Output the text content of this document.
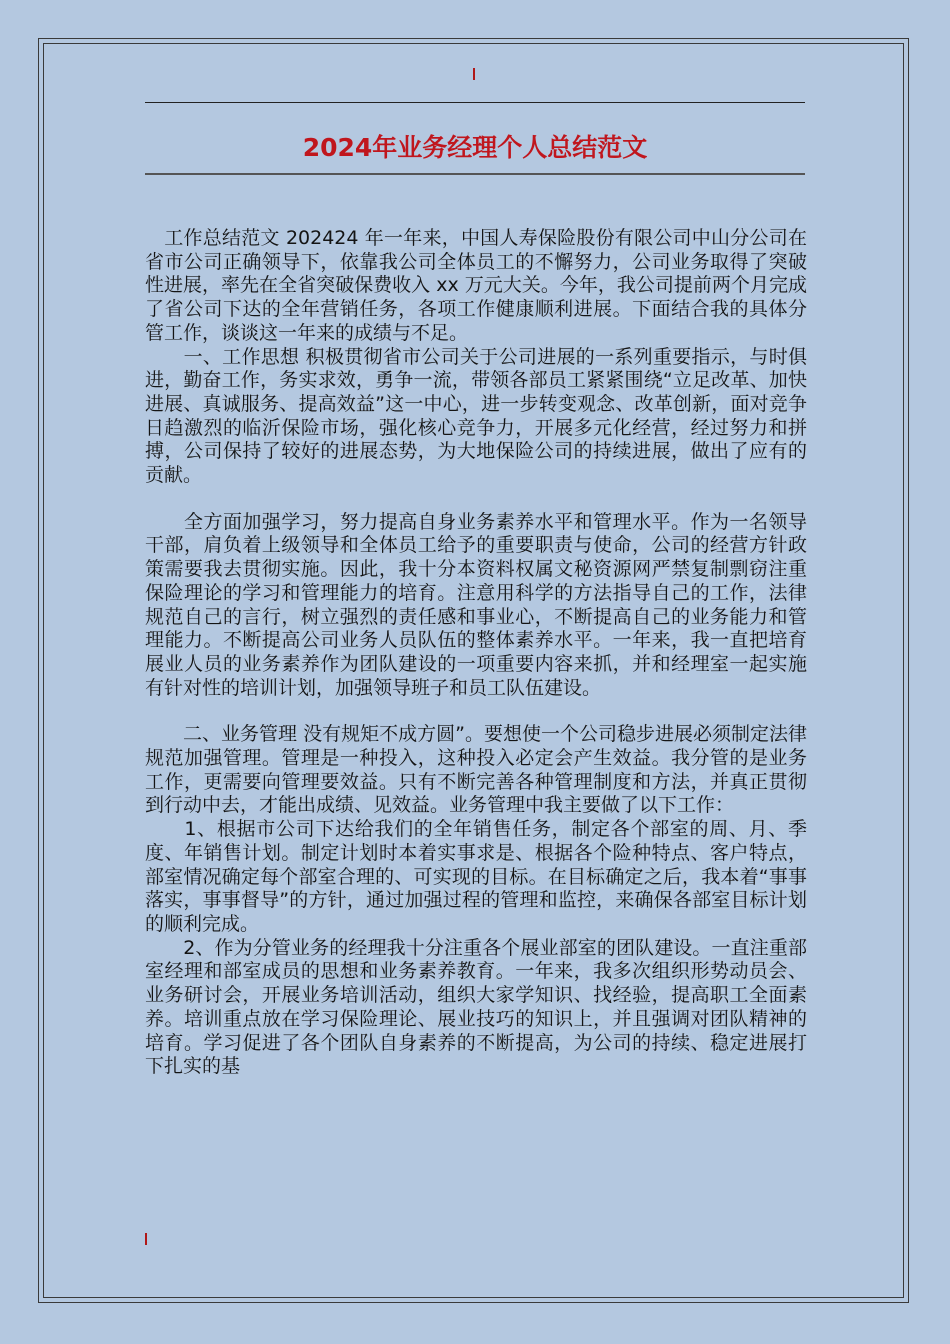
2024年业务经理个人总结范文

　工作总结范文 202424 年一年来，中国人寿保险股份有限公司中山分公司在省市公司正确领导下，依靠我公司全体员工的不懈努力，公司业务取得了突破性进展，率先在全省突破保费收入 xx 万元大关。今年，我公司提前两个月完成了省公司下达的全年营销任务，各项工作健康顺利进展。下面结合我的具体分管工作，谈谈这一年来的成绩与不足。

　　一、工作思想 积极贯彻省市公司关于公司进展的一系列重要指示，与时俱进，勤奋工作，务实求效，勇争一流，带领各部员工紧紧围绕“立足改革、加快进展、真诚服务、提高效益”这一中心，进一步转变观念、改革创新，面对竞争日趋激烈的临沂保险市场，强化核心竞争力，开展多元化经营，经过努力和拼搏，公司保持了较好的进展态势，为大地保险公司的持续进展，做出了应有的贡献。

　　全方面加强学习，努力提高自身业务素养水平和管理水平。作为一名领导干部，肩负着上级领导和全体员工给予的重要职责与使命，公司的经营方针政策需要我去贯彻实施。因此，我十分本资料权属文秘资源网严禁复制剽窃注重保险理论的学习和管理能力的培育。注意用科学的方法指导自己的工作，法律规范自己的言行，树立强烈的责任感和事业心，不断提高自己的业务能力和管理能力。不断提高公司业务人员队伍的整体素养水平。一年来，我一直把培育展业人员的业务素养作为团队建设的一项重要内容来抓，并和经理室一起实施有针对性的培训计划，加强领导班子和员工队伍建设。

　　二、业务管理 没有规矩不成方圆”。要想使一个公司稳步进展必须制定法律规范加强管理。管理是一种投入，这种投入必定会产生效益。我分管的是业务工作，更需要向管理要效益。只有不断完善各种管理制度和方法，并真正贯彻到行动中去，才能出成绩、见效益。业务管理中我主要做了以下工作：

　　1、根据市公司下达给我们的全年销售任务，制定各个部室的周、月、季度、年销售计划。制定计划时本着实事求是、根据各个险种特点、客户特点，部室情况确定每个部室合理的、可实现的目标。在目标确定之后，我本着“事事落实，事事督导”的方针，通过加强过程的管理和监控，来确保各部室目标计划的顺利完成。

　　2、作为分管业务的经理我十分注重各个展业部室的团队建设。一直注重部室经理和部室成员的思想和业务素养教育。一年来，我多次组织形势动员会、业务研讨会，开展业务培训活动，组织大家学知识、找经验，提高职工全面素养。培训重点放在学习保险理论、展业技巧的知识上，并且强调对团队精神的培育。学习促进了各个团队自身素养的不断提高，为公司的持续、稳定进展打下扎实的基
